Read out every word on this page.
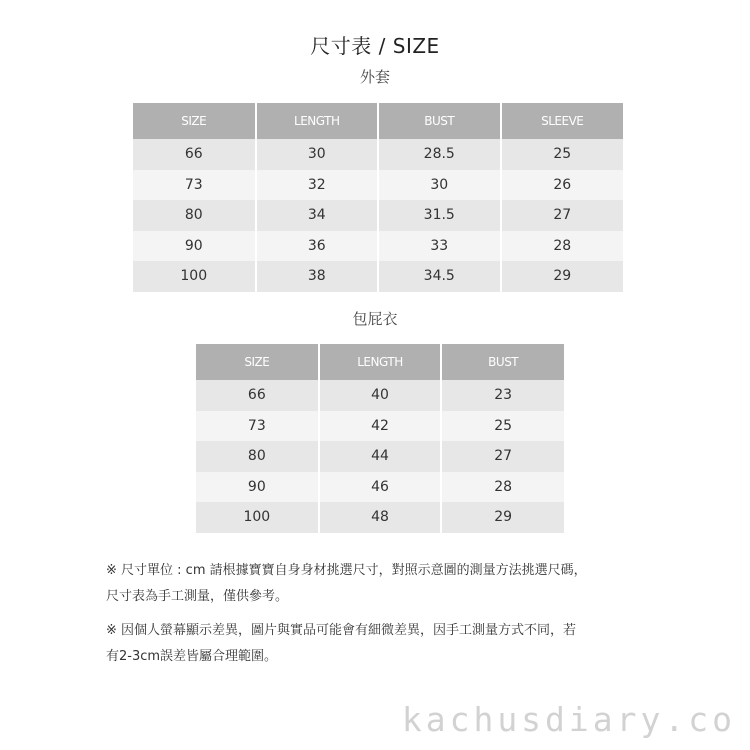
尺寸表 / SIZE
外套
SIZE	LENGTH	BUST	SLEEVE
66	30	28.5	25
73	32	30	26
80	34	31.5	27
90	36	33	28
100	38	34.5	29
包屁衣
SIZE	LENGTH	BUST
66	40	23
73	42	25
80	44	27
90	46	28
100	48	29
※ 尺寸單位 : cm 請根據寶寶自身身材挑選尺寸，對照示意圖的測量方法挑選尺碼，
尺寸表為手工測量，僅供參考。
※ 因個人螢幕顯示差異，圖片與實品可能會有細微差異，因手工測量方式不同，若
有2-3cm誤差皆屬合理範圍。
kachusdiary.co
